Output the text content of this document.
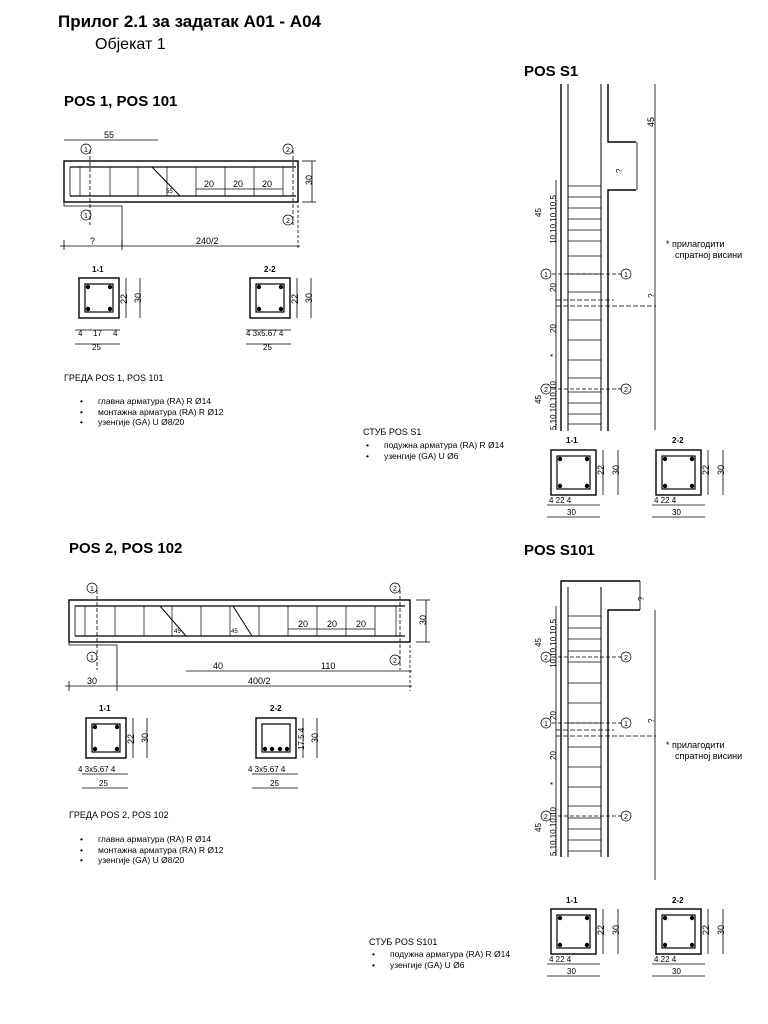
Прилог 2.1 за задатак А01 - А04
Објекат 1
POS 1, POS 101
POS 2, POS 102
POS S1
POS S101
1
1
2
2
1
1
2
2
1	1
2	2
2	2
1	1
2	2
55
20 20 20
55
30
?	240/2
1-1
22 30
4 17 4
25
2-2
22 30
4 3x5.67 4
25
20 20 20
45	45
30
40	110
30	400/2
1-1
22 30
4 3x5.67 4
25
2-2
17.5 4 30
4 3x5.67 4
25
45
?
?
45 10,10,10,10,5
20
20
*
45 5,10,10,10,10
1-1
22 30
4 22 4
30
2-2
22 30
4 22 4
30
?
?
45 10,10,10,10,5
20
20
*
45 5,10,10,10,10
1-1
22 30
4 22 4
30
2-2
22 30
4 22 4
30
* прилагодити
спратној висини
* прилагодити
спратној висини
ГРЕДА POS 1, POS 101
• главна арматура (RA) R Ø14
• монтажна арматура (RA) R Ø12
• узенгије (GA) U Ø8/20
СТУБ POS S1
• подужна арматура (RA) R Ø14
• узенгије (GA) U Ø6
ГРЕДА POS 2, POS 102
• главна арматура (RA) R Ø14
• монтажна арматура (RA) R Ø12
• узенгије (GA) U Ø8/20
СТУБ POS S101
• подужна арматура (RA) R Ø14
• узенгије (GA) U Ø6
